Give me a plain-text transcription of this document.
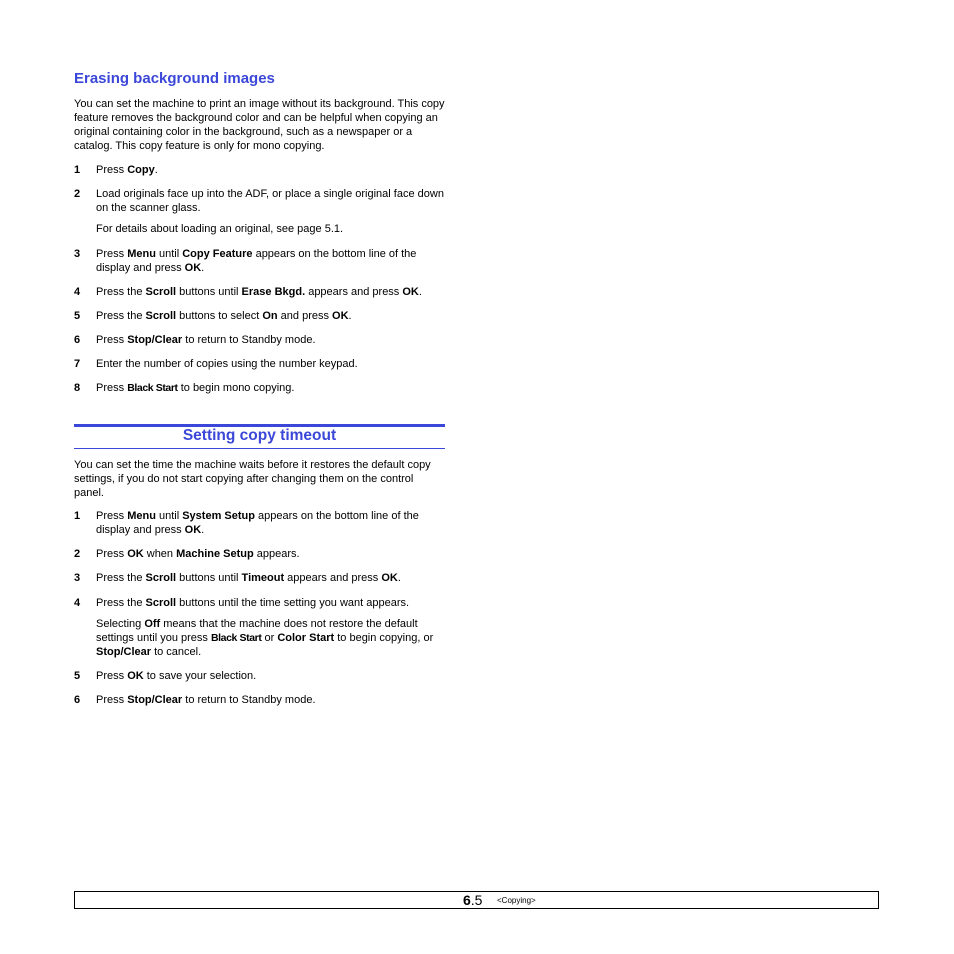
Erasing background images

You can set the machine to print an image without its background. This copy feature removes the background color and can be helpful when copying an original containing color in the background, such as a newspaper or a catalog. This copy feature is only for mono copying.

1 Press Copy.
2 Load originals face up into the ADF, or place a single original face down on the scanner glass.
For details about loading an original, see page 5.1.
3 Press Menu until Copy Feature appears on the bottom line of the display and press OK.
4 Press the Scroll buttons until Erase Bkgd. appears and press OK.
5 Press the Scroll buttons to select On and press OK.
6 Press Stop/Clear to return to Standby mode.
7 Enter the number of copies using the number keypad.
8 Press Black Start to begin mono copying.
Setting copy timeout

You can set the time the machine waits before it restores the default copy settings, if you do not start copying after changing them on the control panel.

1 Press Menu until System Setup appears on the bottom line of the display and press OK.
2 Press OK when Machine Setup appears.
3 Press the Scroll buttons until Timeout appears and press OK.
4 Press the Scroll buttons until the time setting you want appears.
Selecting Off means that the machine does not restore the default settings until you press Black Start or Color Start to begin copying, or Stop/Clear to cancel.
5 Press OK to save your selection.
6 Press Stop/Clear to return to Standby mode.
6.5 <Copying>
